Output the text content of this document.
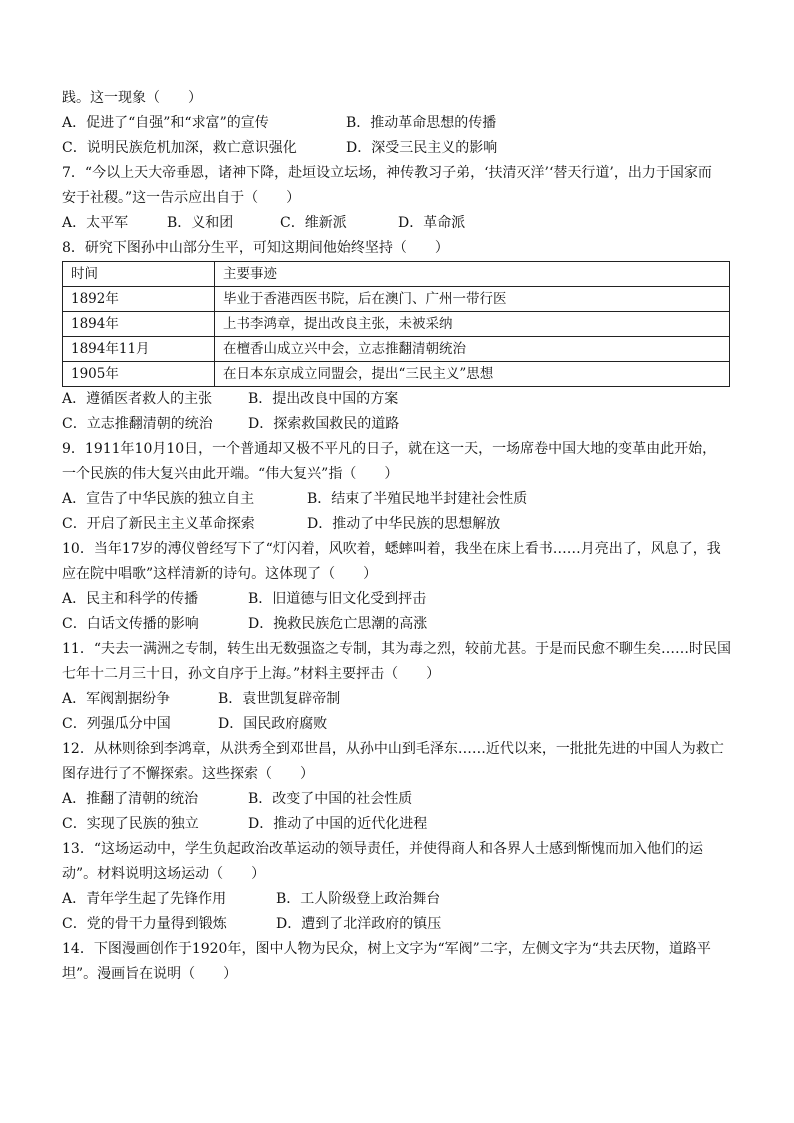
践。这一现象（　　）
A．促进了“自强”和“求富”的宣传	B．推动革命思想的传播
C．说明民族危机加深，救亡意识强化	D．深受三民主义的影响
7．“今以上天大帝垂恩，诸神下降，赴垣设立坛场，神传教习子弟，‘扶清灭洋’‘替天行道’，出力于国家而
安于社稷。”这一告示应出自于（　　）
A．太平军	B．义和团	C．维新派	D．革命派
8．研究下图孙中山部分生平，可知这期间他始终坚持（　　）
时间	主要事迹
1892年	毕业于香港西医书院，后在澳门、广州一带行医
1894年	上书李鸿章，提出改良主张，未被采纳
1894年11月	在檀香山成立兴中会，立志推翻清朝统治
1905年	在日本东京成立同盟会，提出“三民主义”思想
A．遵循医者救人的主张	B．提出改良中国的方案
C．立志推翻清朝的统治	D．探索救国救民的道路
9．1911年10月10日，一个普通却又极不平凡的日子，就在这一天，一场席卷中国大地的变革由此开始，
一个民族的伟大复兴由此开端。“伟大复兴”指（　　）
A．宣告了中华民族的独立自主	B．结束了半殖民地半封建社会性质
C．开启了新民主主义革命探索	D．推动了中华民族的思想解放
10．当年17岁的溥仪曾经写下了“灯闪着，风吹着，蟋蟀叫着，我坐在床上看书……月亮出了，风息了，我
应在院中唱歌”这样清新的诗句。这体现了（　　）
A．民主和科学的传播	B．旧道德与旧文化受到抨击
C．白话文传播的影响	D．挽救民族危亡思潮的高涨
11．“夫去一满洲之专制，转生出无数强盗之专制，其为毒之烈，较前尤甚。于是而民愈不聊生矣……时民国
七年十二月三十日，孙文自序于上海。”材料主要抨击（　　）
A．军阀割据纷争	B．袁世凯复辟帝制
C．列强瓜分中国	D．国民政府腐败
12．从林则徐到李鸿章，从洪秀全到邓世昌，从孙中山到毛泽东……近代以来，一批批先进的中国人为救亡
图存进行了不懈探索。这些探索（　　）
A．推翻了清朝的统治	B．改变了中国的社会性质
C．实现了民族的独立	D．推动了中国的近代化进程
13．“这场运动中，学生负起政治改革运动的领导责任，并使得商人和各界人士感到惭愧而加入他们的运
动”。材料说明这场运动（　　）
A．青年学生起了先锋作用	B．工人阶级登上政治舞台
C．党的骨干力量得到锻炼	D．遭到了北洋政府的镇压
14．下图漫画创作于1920年，图中人物为民众，树上文字为“军阀”二字，左侧文字为“共去厌物，道路平
坦”。漫画旨在说明（　　）
